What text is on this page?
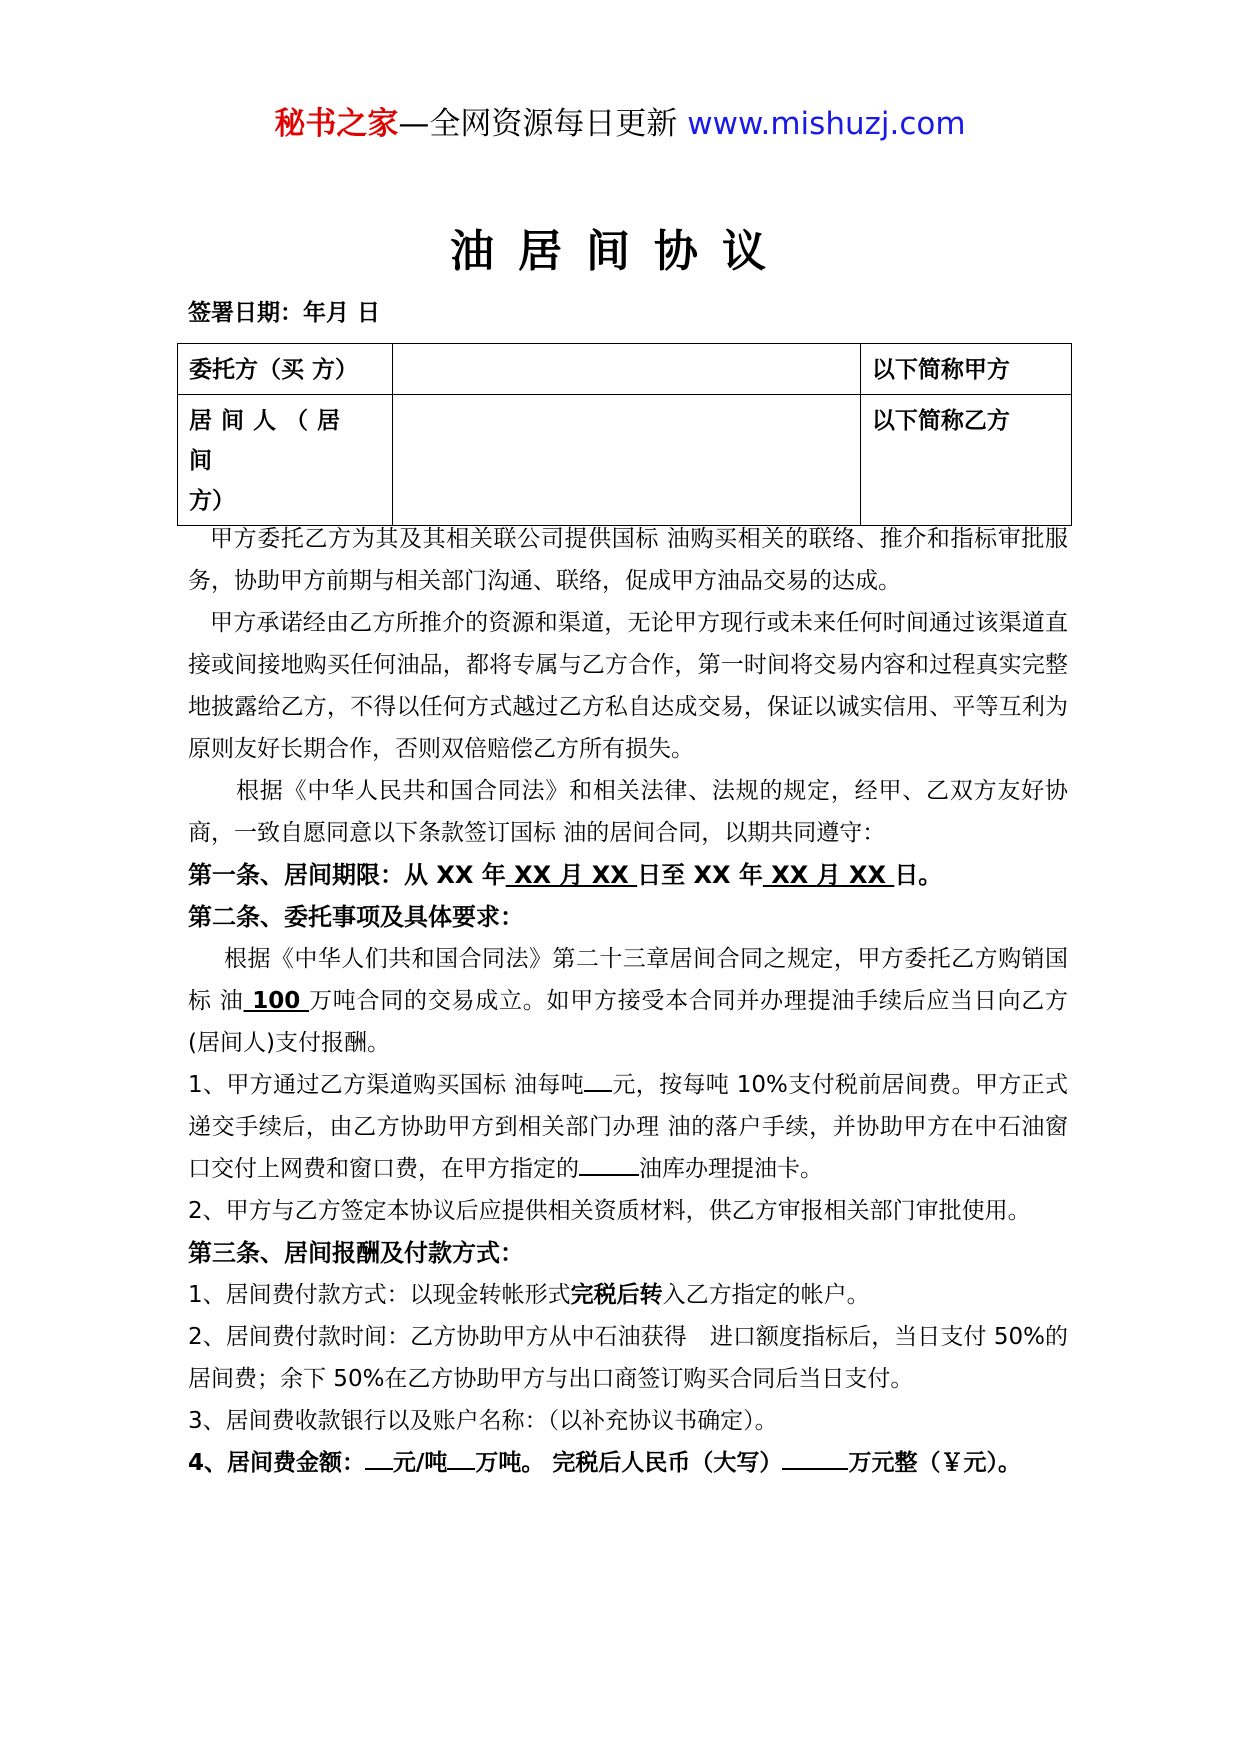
秘书之家—全网资源每日更新 www.mishuzj.com
油居间协议
签署日期：年月 日
委托方（买 方）		以下简称甲方
居间人（居间
方）		以下简称乙方

甲方委托乙方为其及其相关联公司提供国标 油购买相关的联络、推介和指标审批服务，协助甲方前期与相关部门沟通、联络，促成甲方油品交易的达成。

甲方承诺经由乙方所推介的资源和渠道，无论甲方现行或未来任何时间通过该渠道直接或间接地购买任何油品，都将专属与乙方合作，第一时间将交易内容和过程真实完整地披露给乙方，不得以任何方式越过乙方私自达成交易，保证以诚实信用、平等互利为原则友好长期合作，否则双倍赔偿乙方所有损失。

根据《中华人民共和国合同法》和相关法律、法规的规定，经甲、乙双方友好协商，一致自愿同意以下条款签订国标 油的居间合同，以期共同遵守：

第一条、居间期限：从 XX 年 XX 月 XX 日至 XX 年 XX 月 XX 日。

第二条、委托事项及具体要求：

根据《中华人们共和国合同法》第二十三章居间合同之规定，甲方委托乙方购销国标 油 100 万吨合同的交易成立。如甲方接受本合同并办理提油手续后应当日向乙方(居间人)支付报酬。

1、甲方通过乙方渠道购买国标 油每吨 元，按每吨 10%支付税前居间费。甲方正式递交手续后，由乙方协助甲方到相关部门办理 油的落户手续，并协助甲方在中石油窗口交付上网费和窗口费，在甲方指定的	油库办理提油卡。

2、甲方与乙方签定本协议后应提供相关资质材料，供乙方审报相关部门审批使用。

第三条、居间报酬及付款方式：

1、居间费付款方式：以现金转帐形式完税后转入乙方指定的帐户。

2、居间费付款时间：乙方协助甲方从中石油获得　进口额度指标后，当日支付 50%的居间费；余下 50%在乙方协助甲方与出口商签订购买合同后当日支付。

3、居间费收款银行以及账户名称：（以补充协议书确定）。

4、居间费金额： 元/吨 万吨。 完税后人民币（大写）	万元整（￥元）。
